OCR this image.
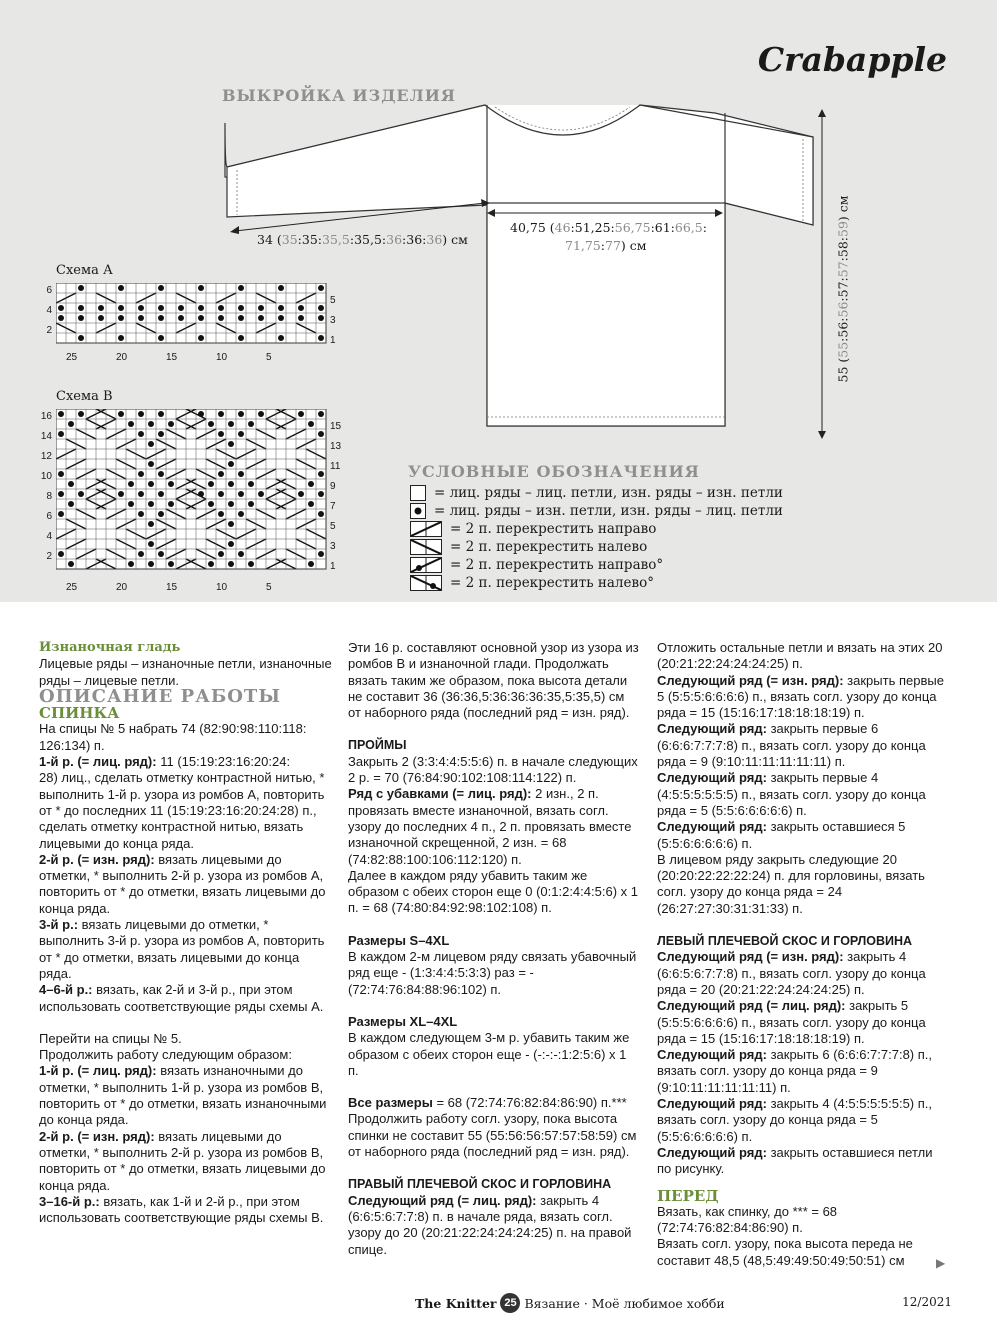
Crabapple
ВЫКРОЙКА ИЗДЕЛИЯ
34 (35:35:35,5:35,5:36:36:36) см
40,75 (46:51,25:56,75:61:66,5:
71,75:77) см
55 (55:56:56:57:57:58:59) см
Схема А
6
4
2
5
3
1
25	20	15	10	5
Схема В
16
14
12
10
8
6
4
2
15
13
11
9
7
5
3
1
25	20	15	10	5
УСЛОВНЫЕ ОБОЗНАЧЕНИЯ
= лиц. ряды – лиц. петли, изн. ряды – изн. петли
= лиц. ряды – изн. петли, изн. ряды – лиц. петли
= 2 п. перекрестить направо
= 2 п. перекрестить налево
= 2 п. перекрестить направо°
= 2 п. перекрестить налево°

Изнаночная гладь

Лицевые ряды – изнаночные петли, изнаночные ряды – лицевые петли.

ОПИСАНИЕ РАБОТЫ

СПИНКА

На спицы № 5 набрать 74 (82:90:98:110:118:
126:134) п.

1-й р. (= лиц. ряд): 11 (15:19:23:16:20:24:
28) лиц., сделать отметку контрастной нитью, * выполнить 1-й р. узора из ромбов А, повторить от * до последних 11 (15:19:23:16:20:24:28) п., сделать отметку контрастной нитью, вязать лицевыми до конца ряда.

2-й р. (= изн. ряд): вязать лицевыми до отметки, * выполнить 2-й р. узора из ромбов А, повторить от * до отметки, вязать лицевыми до конца ряда.

3-й р.: вязать лицевыми до отметки, * выполнить 3-й р. узора из ромбов А, повторить от * до отметки, вязать лицевыми до конца ряда.

4–6-й р.: вязать, как 2-й и 3-й р., при этом использовать соответствующие ряды схемы А.

Перейти на спицы № 5.

Продолжить работу следующим образом:

1-й р. (= лиц. ряд): вязать изнаночными до отметки, * выполнить 1-й р. узора из ромбов В, повторить от * до отметки, вязать изнаночными до конца ряда.

2-й р. (= изн. ряд): вязать лицевыми до отметки, * выполнить 2-й р. узора из ромбов В, повторить от * до отметки, вязать лицевыми до конца ряда.

3–16-й р.: вязать, как 1-й и 2-й р., при этом использовать соответствующие ряды схемы В.

Эти 16 р. составляют основной узор из узора из ромбов В и изнаночной глади. Продолжать вязать таким же образом, пока высота детали не составит 36 (36:36,5:36:36:36:35,5:35,5) см от наборного ряда (последний ряд = изн. ряд).

ПРОЙМЫ

Закрыть 2 (3:3:4:4:5:5:6) п. в начале следующих 2 р. = 70 (76:84:90:102:108:114:122) п.

Ряд с убавками (= лиц. ряд): 2 изн., 2 п. провязать вместе изнаночной, вязать согл. узору до последних 4 п., 2 п. провязать вместе изнаночной скрещенной, 2 изн. = 68 (74:82:88:100:106:112:120) п.

Далее в каждом ряду убавить таким же образом с обеих сторон еще 0 (0:1:2:4:4:5:6) х 1 п. = 68 (74:80:84:92:98:102:108) п.

Размеры S–4XL

В каждом 2-м лицевом ряду связать убавочный ряд еще - (1:3:4:4:5:3:3) раз = - (72:74:76:84:88:96:102) п.

Размеры XL–4XL

В каждом следующем 3-м р. убавить таким же образом с обеих сторон еще - (-:-:-:1:2:5:6) х 1 п.

Все размеры = 68 (72:74:76:82:84:86:90) п.***

Продолжить работу согл. узору, пока высота спинки не составит 55 (55:56:56:57:57:58:59) см от наборного ряда (последний ряд = изн. ряд).

ПРАВЫЙ ПЛЕЧЕВОЙ СКОС И ГОРЛОВИНА

Следующий ряд (= лиц. ряд): закрыть 4 (6:6:5:6:7:7:8) п. в начале ряда, вязать согл. узору до 20 (20:21:22:24:24:24:25) п. на правой спице.

Отложить остальные петли и вязать на этих 20 (20:21:22:24:24:24:25) п.

Следующий ряд (= изн. ряд): закрыть первые 5 (5:5:5:6:6:6:6) п., вязать согл. узору до конца ряда = 15 (15:16:17:18:18:18:19) п.

Следующий ряд: закрыть первые 6 (6:6:6:7:7:7:8) п., вязать согл. узору до конца ряда = 9 (9:10:11:11:11:11:11) п.

Следующий ряд: закрыть первые 4 (4:5:5:5:5:5:5) п., вязать согл. узору до конца ряда = 5 (5:5:6:6:6:6:6) п.

Следующий ряд: закрыть оставшиеся 5 (5:5:6:6:6:6:6) п.

В лицевом ряду закрыть следующие 20 (20:20:22:22:22:24) п. для горловины, вязать согл. узору до конца ряда = 24 (26:27:27:30:31:31:33) п.

ЛЕВЫЙ ПЛЕЧЕВОЙ СКОС И ГОРЛОВИНА

Следующий ряд (= изн. ряд): закрыть 4 (6:6:5:6:7:7:8) п., вязать согл. узору до конца ряда = 20 (20:21:22:24:24:24:25) п.

Следующий ряд (= лиц. ряд): закрыть 5 (5:5:5:6:6:6:6) п., вязать согл. узору до конца ряда = 15 (15:16:17:18:18:18:19) п.

Следующий ряд: закрыть 6 (6:6:6:7:7:7:8) п., вязать согл. узору до конца ряда = 9 (9:10:11:11:11:11:11) п.

Следующий ряд: закрыть 4 (4:5:5:5:5:5:5) п., вязать согл. узору до конца ряда = 5 (5:5:6:6:6:6:6) п.

Следующий ряд: закрыть оставшиеся петли по рисунку.

ПЕРЕД

Вязать, как спинку, до *** = 68 (72:74:76:82:84:86:90) п.

Вязать согл. узору, пока высота переда не составит 48,5 (48,5:49:49:50:49:50:51) см	▶
The Knitter 25 Вязание · Моё любимое хобби	12/2021
